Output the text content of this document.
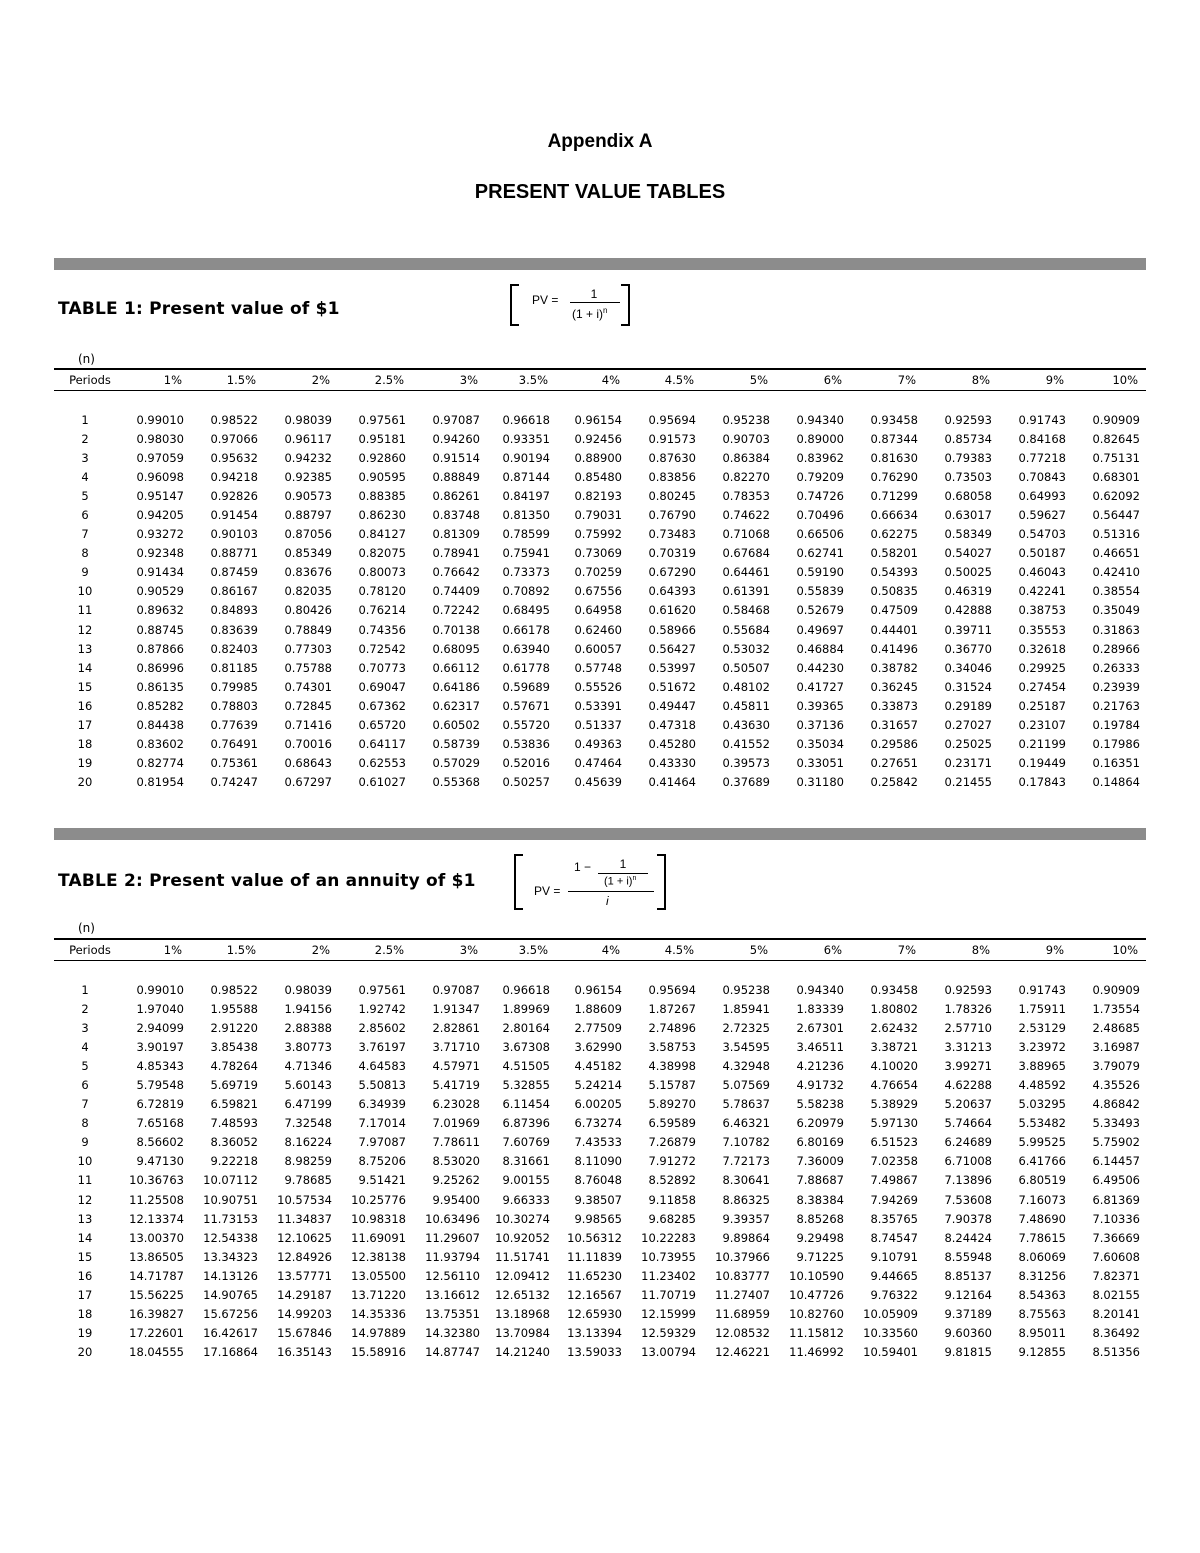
Appendix A
PRESENT VALUE TABLES
TABLE 1: Present value of $1	PV =	1
$(1 + i)^n$
(n)
Periods	1%	1.5%	2%	2.5%	3%	3.5%	4%	4.5%	5%	6%	7%	8%	9%	10%

1	0.99010	0.98522	0.98039	0.97561	0.97087	0.96618	0.96154	0.95694	0.95238	0.94340	0.93458	0.92593	0.91743	0.90909
2	0.98030	0.97066	0.96117	0.95181	0.94260	0.93351	0.92456	0.91573	0.90703	0.89000	0.87344	0.85734	0.84168	0.82645
3	0.97059	0.95632	0.94232	0.92860	0.91514	0.90194	0.88900	0.87630	0.86384	0.83962	0.81630	0.79383	0.77218	0.75131
4	0.96098	0.94218	0.92385	0.90595	0.88849	0.87144	0.85480	0.83856	0.82270	0.79209	0.76290	0.73503	0.70843	0.68301
5	0.95147	0.92826	0.90573	0.88385	0.86261	0.84197	0.82193	0.80245	0.78353	0.74726	0.71299	0.68058	0.64993	0.62092
6	0.94205	0.91454	0.88797	0.86230	0.83748	0.81350	0.79031	0.76790	0.74622	0.70496	0.66634	0.63017	0.59627	0.56447
7	0.93272	0.90103	0.87056	0.84127	0.81309	0.78599	0.75992	0.73483	0.71068	0.66506	0.62275	0.58349	0.54703	0.51316
8	0.92348	0.88771	0.85349	0.82075	0.78941	0.75941	0.73069	0.70319	0.67684	0.62741	0.58201	0.54027	0.50187	0.46651
9	0.91434	0.87459	0.83676	0.80073	0.76642	0.73373	0.70259	0.67290	0.64461	0.59190	0.54393	0.50025	0.46043	0.42410
10	0.90529	0.86167	0.82035	0.78120	0.74409	0.70892	0.67556	0.64393	0.61391	0.55839	0.50835	0.46319	0.42241	0.38554
11	0.89632	0.84893	0.80426	0.76214	0.72242	0.68495	0.64958	0.61620	0.58468	0.52679	0.47509	0.42888	0.38753	0.35049
12	0.88745	0.83639	0.78849	0.74356	0.70138	0.66178	0.62460	0.58966	0.55684	0.49697	0.44401	0.39711	0.35553	0.31863
13	0.87866	0.82403	0.77303	0.72542	0.68095	0.63940	0.60057	0.56427	0.53032	0.46884	0.41496	0.36770	0.32618	0.28966
14	0.86996	0.81185	0.75788	0.70773	0.66112	0.61778	0.57748	0.53997	0.50507	0.44230	0.38782	0.34046	0.29925	0.26333
15	0.86135	0.79985	0.74301	0.69047	0.64186	0.59689	0.55526	0.51672	0.48102	0.41727	0.36245	0.31524	0.27454	0.23939
16	0.85282	0.78803	0.72845	0.67362	0.62317	0.57671	0.53391	0.49447	0.45811	0.39365	0.33873	0.29189	0.25187	0.21763
17	0.84438	0.77639	0.71416	0.65720	0.60502	0.55720	0.51337	0.47318	0.43630	0.37136	0.31657	0.27027	0.23107	0.19784
18	0.83602	0.76491	0.70016	0.64117	0.58739	0.53836	0.49363	0.45280	0.41552	0.35034	0.29586	0.25025	0.21199	0.17986
19	0.82774	0.75361	0.68643	0.62553	0.57029	0.52016	0.47464	0.43330	0.39573	0.33051	0.27651	0.23171	0.19449	0.16351
20	0.81954	0.74247	0.67297	0.61027	0.55368	0.50257	0.45639	0.41464	0.37689	0.31180	0.25842	0.21455	0.17843	0.14864
TABLE 2: Present value of an annuity of $1
1 −	1
$(1 + i)^n$
PV =
i
(n)
Periods	1%	1.5%	2%	2.5%	3%	3.5%	4%	4.5%	5%	6%	7%	8%	9%	10%

1	0.99010	0.98522	0.98039	0.97561	0.97087	0.96618	0.96154	0.95694	0.95238	0.94340	0.93458	0.92593	0.91743	0.90909
2	1.97040	1.95588	1.94156	1.92742	1.91347	1.89969	1.88609	1.87267	1.85941	1.83339	1.80802	1.78326	1.75911	1.73554
3	2.94099	2.91220	2.88388	2.85602	2.82861	2.80164	2.77509	2.74896	2.72325	2.67301	2.62432	2.57710	2.53129	2.48685
4	3.90197	3.85438	3.80773	3.76197	3.71710	3.67308	3.62990	3.58753	3.54595	3.46511	3.38721	3.31213	3.23972	3.16987
5	4.85343	4.78264	4.71346	4.64583	4.57971	4.51505	4.45182	4.38998	4.32948	4.21236	4.10020	3.99271	3.88965	3.79079
6	5.79548	5.69719	5.60143	5.50813	5.41719	5.32855	5.24214	5.15787	5.07569	4.91732	4.76654	4.62288	4.48592	4.35526
7	6.72819	6.59821	6.47199	6.34939	6.23028	6.11454	6.00205	5.89270	5.78637	5.58238	5.38929	5.20637	5.03295	4.86842
8	7.65168	7.48593	7.32548	7.17014	7.01969	6.87396	6.73274	6.59589	6.46321	6.20979	5.97130	5.74664	5.53482	5.33493
9	8.56602	8.36052	8.16224	7.97087	7.78611	7.60769	7.43533	7.26879	7.10782	6.80169	6.51523	6.24689	5.99525	5.75902
10	9.47130	9.22218	8.98259	8.75206	8.53020	8.31661	8.11090	7.91272	7.72173	7.36009	7.02358	6.71008	6.41766	6.14457
11	10.36763	10.07112	9.78685	9.51421	9.25262	9.00155	8.76048	8.52892	8.30641	7.88687	7.49867	7.13896	6.80519	6.49506
12	11.25508	10.90751	10.57534	10.25776	9.95400	9.66333	9.38507	9.11858	8.86325	8.38384	7.94269	7.53608	7.16073	6.81369
13	12.13374	11.73153	11.34837	10.98318	10.63496	10.30274	9.98565	9.68285	9.39357	8.85268	8.35765	7.90378	7.48690	7.10336
14	13.00370	12.54338	12.10625	11.69091	11.29607	10.92052	10.56312	10.22283	9.89864	9.29498	8.74547	8.24424	7.78615	7.36669
15	13.86505	13.34323	12.84926	12.38138	11.93794	11.51741	11.11839	10.73955	10.37966	9.71225	9.10791	8.55948	8.06069	7.60608
16	14.71787	14.13126	13.57771	13.05500	12.56110	12.09412	11.65230	11.23402	10.83777	10.10590	9.44665	8.85137	8.31256	7.82371
17	15.56225	14.90765	14.29187	13.71220	13.16612	12.65132	12.16567	11.70719	11.27407	10.47726	9.76322	9.12164	8.54363	8.02155
18	16.39827	15.67256	14.99203	14.35336	13.75351	13.18968	12.65930	12.15999	11.68959	10.82760	10.05909	9.37189	8.75563	8.20141
19	17.22601	16.42617	15.67846	14.97889	14.32380	13.70984	13.13394	12.59329	12.08532	11.15812	10.33560	9.60360	8.95011	8.36492
20	18.04555	17.16864	16.35143	15.58916	14.87747	14.21240	13.59033	13.00794	12.46221	11.46992	10.59401	9.81815	9.12855	8.51356
